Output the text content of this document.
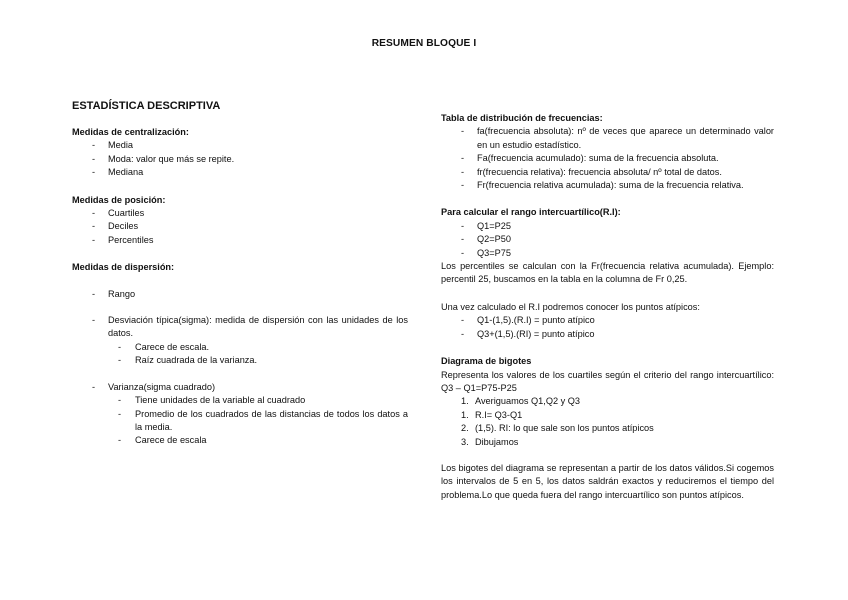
RESUMEN BLOQUE I
ESTADÍSTICA DESCRIPTIVA
Medidas de centralización:
- Media
- Moda: valor que más se repite.
- Mediana
Medidas de posición:
- Cuartiles
- Deciles
- Percentiles
Medidas de dispersión:
- Rango
- Desviación típica(sigma): medida de dispersión con las unidades de los datos.
- Carece de escala.
- Raíz cuadrada de la varianza.
- Varianza(sigma cuadrado)
- Tiene unidades de la variable al cuadrado
- Promedio de los cuadrados de las distancias de todos los datos a la media.
- Carece de escala
Tabla de distribución de frecuencias:
- fa(frecuencia absoluta): nº de veces que aparece un determinado valor en un estudio estadístico.
- Fa(frecuencia acumulado): suma de la frecuencia absoluta.
- fr(frecuencia relativa): frecuencia absoluta/ nº total de datos.
- Fr(frecuencia relativa acumulada): suma de la frecuencia relativa.
Para calcular el rango intercuartílico(R.I):
- Q1=P25
- Q2=P50
- Q3=P75
Los percentiles se calculan con la Fr(frecuencia relativa acumulada). Ejemplo: percentil 25, buscamos en la tabla en la columna de Fr 0,25.
Una vez calculado el R.I podremos conocer los puntos atípicos:
- Q1-(1,5).(R.I) = punto atípico
- Q3+(1,5).(RI) = punto atípico
Diagrama de bigotes
Representa los valores de los cuartiles según el criterio del rango intercuartílico: Q3 – Q1=P75-P25
1. Averiguamos Q1,Q2 y Q3
1. R.I= Q3-Q1
2. (1,5). RI: lo que sale son los puntos atípicos
3. Dibujamos
Los bigotes del diagrama se representan a partir de los datos válidos.Si cogemos los intervalos de 5 en 5, los datos saldrán exactos y reduciremos el tiempo del problema.Lo que queda fuera del rango intercuartílico son puntos atípicos.
